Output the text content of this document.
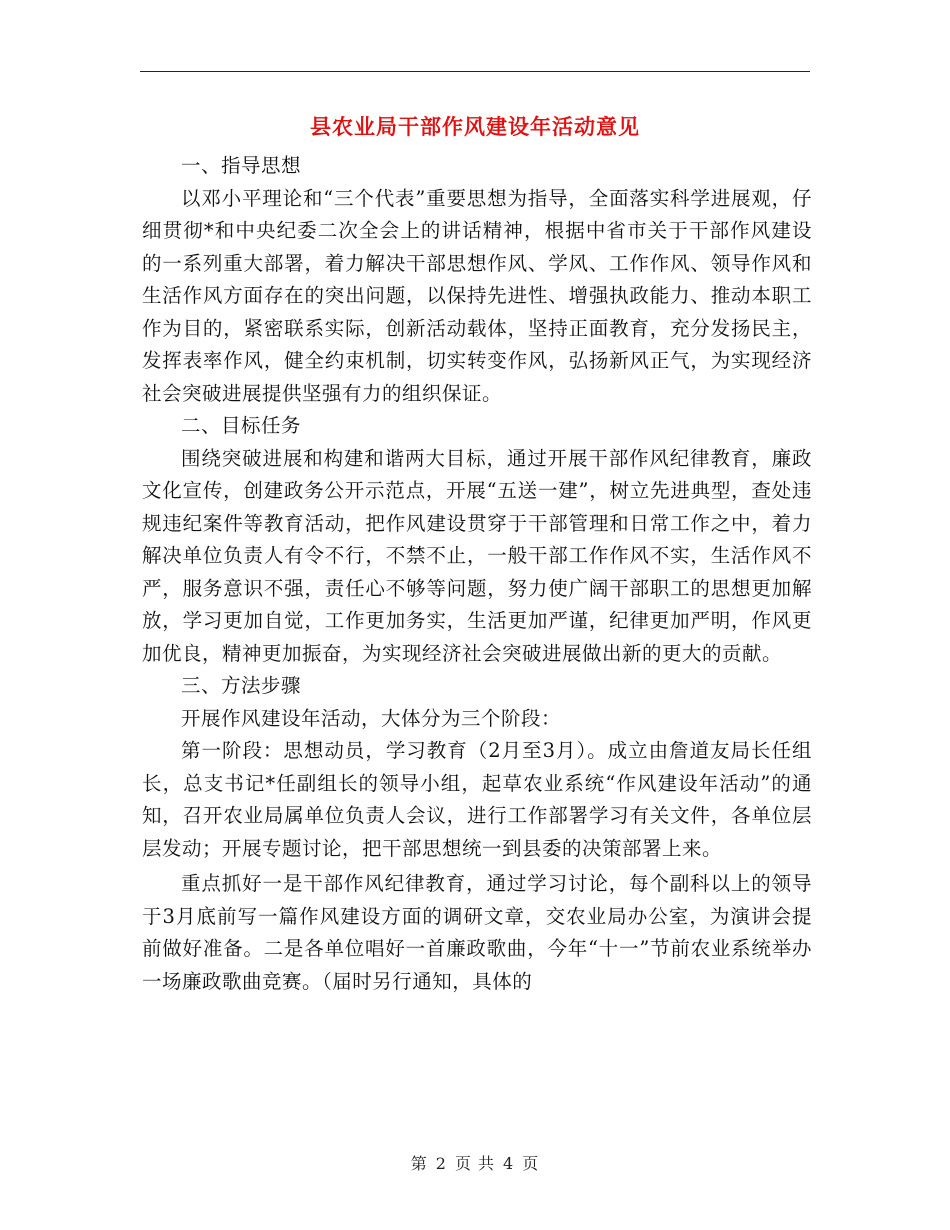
县农业局干部作风建设年活动意见

一、指导思想

以邓小平理论和“三个代表”重要思想为指导，全面落实科学进展观，仔细贯彻*和中央纪委二次全会上的讲话精神，根据中省市关于干部作风建设的一系列重大部署，着力解决干部思想作风、学风、工作作风、领导作风和生活作风方面存在的突出问题，以保持先进性、增强执政能力、推动本职工作为目的，紧密联系实际，创新活动载体，坚持正面教育，充分发扬民主，发挥表率作风，健全约束机制，切实转变作风，弘扬新风正气，为实现经济社会突破进展提供坚强有力的组织保证。

二、目标任务

围绕突破进展和构建和谐两大目标，通过开展干部作风纪律教育，廉政文化宣传，创建政务公开示范点，开展“五送一建”，树立先进典型，查处违规违纪案件等教育活动，把作风建设贯穿于干部管理和日常工作之中，着力解决单位负责人有令不行，不禁不止，一般干部工作作风不实，生活作风不严，服务意识不强，责任心不够等问题，努力使广阔干部职工的思想更加解放，学习更加自觉，工作更加务实，生活更加严谨，纪律更加严明，作风更加优良，精神更加振奋，为实现经济社会突破进展做出新的更大的贡献。

三、方法步骤

开展作风建设年活动，大体分为三个阶段：

第一阶段：思想动员，学习教育（2月至3月）。成立由詹道友局长任组长，总支书记*任副组长的领导小组，起草农业系统“作风建设年活动”的通知，召开农业局属单位负责人会议，进行工作部署学习有关文件，各单位层层发动；开展专题讨论，把干部思想统一到县委的决策部署上来。

重点抓好一是干部作风纪律教育，通过学习讨论，每个副科以上的领导于3月底前写一篇作风建设方面的调研文章，交农业局办公室，为演讲会提前做好准备。二是各单位唱好一首廉政歌曲，今年“十一”节前农业系统举办一场廉政歌曲竞赛。（届时另行通知，具体的

第 2 页 共 4 页
